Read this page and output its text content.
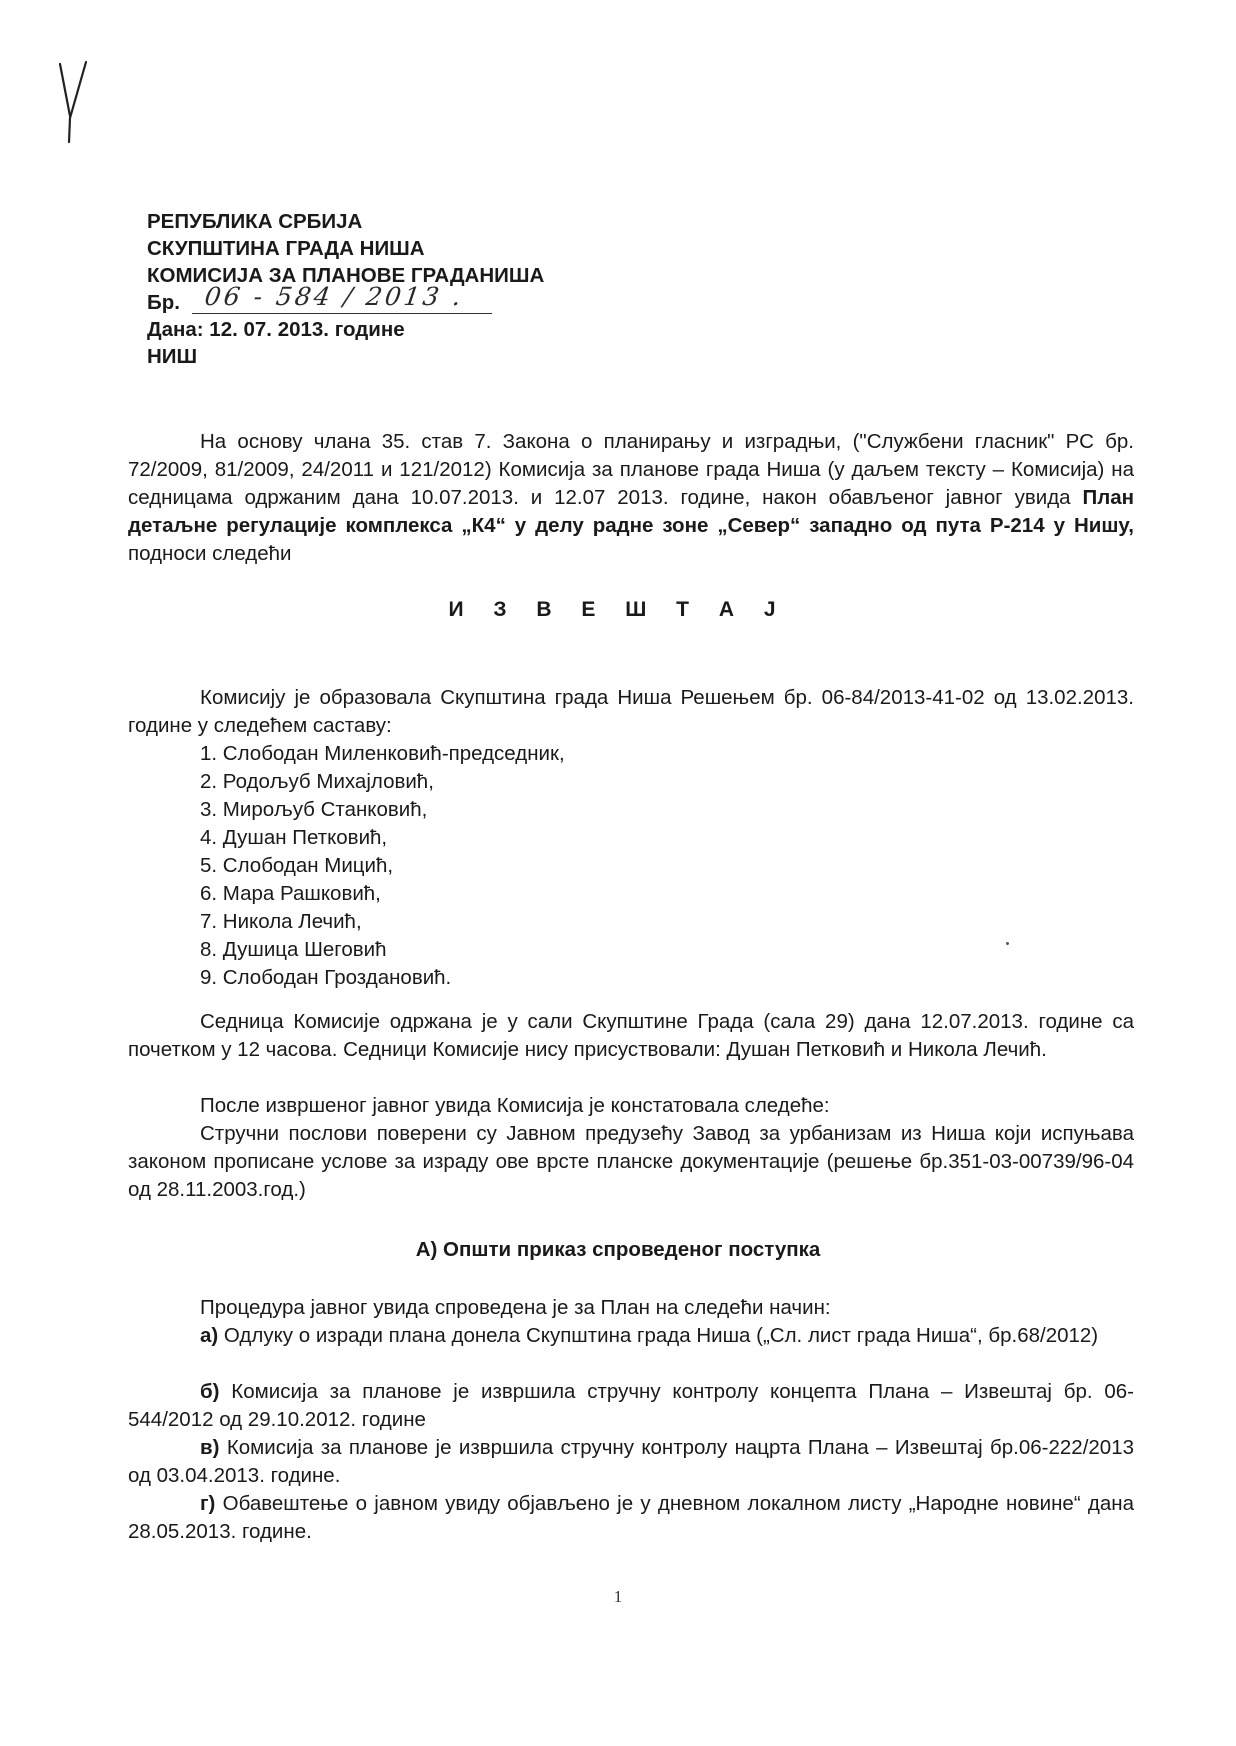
РЕПУБЛИКА СРБИЈА
СКУПШТИНА ГРАДА НИША
КОМИСИЈА ЗА ПЛАНОВЕ ГРАДАНИША
Бр. 06 - 584 / 2013 .
Дана: 12. 07. 2013. године
НИШ
На основу члана 35. став 7. Закона о планирању и изградњи, ("Службени гласник" РС бр. 72/2009, 81/2009, 24/2011 и 121/2012) Комисија за планове града Ниша (у даљем тексту – Комисија) на седницама одржаним дана 10.07.2013. и 12.07 2013. године, након обављеног јавног увида План детаљне регулације комплекса „К4“ у делу радне зоне „Север“ западно од пута Р-214 у Нишу, подноси следећи
И З В Е Ш Т А Ј
Комисију је образовала Скупштина града Ниша Решењем бр. 06-84/2013-41-02 од 13.02.2013. године у следећем саставу:
1. Слободан Миленковић-председник,
2. Родољуб Михајловић,
3. Мирољуб Станковић,
4. Душан Петковић,
5. Слободан Мицић,
6. Мара Рашковић,
7. Никола Лечић,
8. Душица Шеговић
9. Слободан Гроздановић.
Седница Комисије одржана је у сали Скупштине Града (сала 29) дана 12.07.2013. године са почетком у 12 часова. Седници Комисије нису присуствовали: Душан Петковић и Никола Лечић.
После извршеног јавног увида Комисија је констатовала следеће:
Стручни послови поверени су Јавном предузећу Завод за урбанизам из Ниша који испуњава законом прописане услове за израду ове врсте планске документације (решење бр.351-03-00739/96-04 од 28.11.2003.год.)
А) Општи приказ спроведеног поступка
Процедура јавног увида спроведена је за План на следећи начин:
а) Одлуку о изради плана донела Скупштина града Ниша („Сл. лист града Ниша“, бр.68/2012)
б) Комисија за планове је извршила стручну контролу концепта Плана – Извештај бр. 06-544/2012 од 29.10.2012. године
в) Комисија за планове је извршила стручну контролу нацрта Плана – Извештај бр.06-222/2013 од 03.04.2013. године.
г) Обавештење о јавном увиду објављено је у дневном локалном листу „Народне новине“ дана 28.05.2013. године.
1
